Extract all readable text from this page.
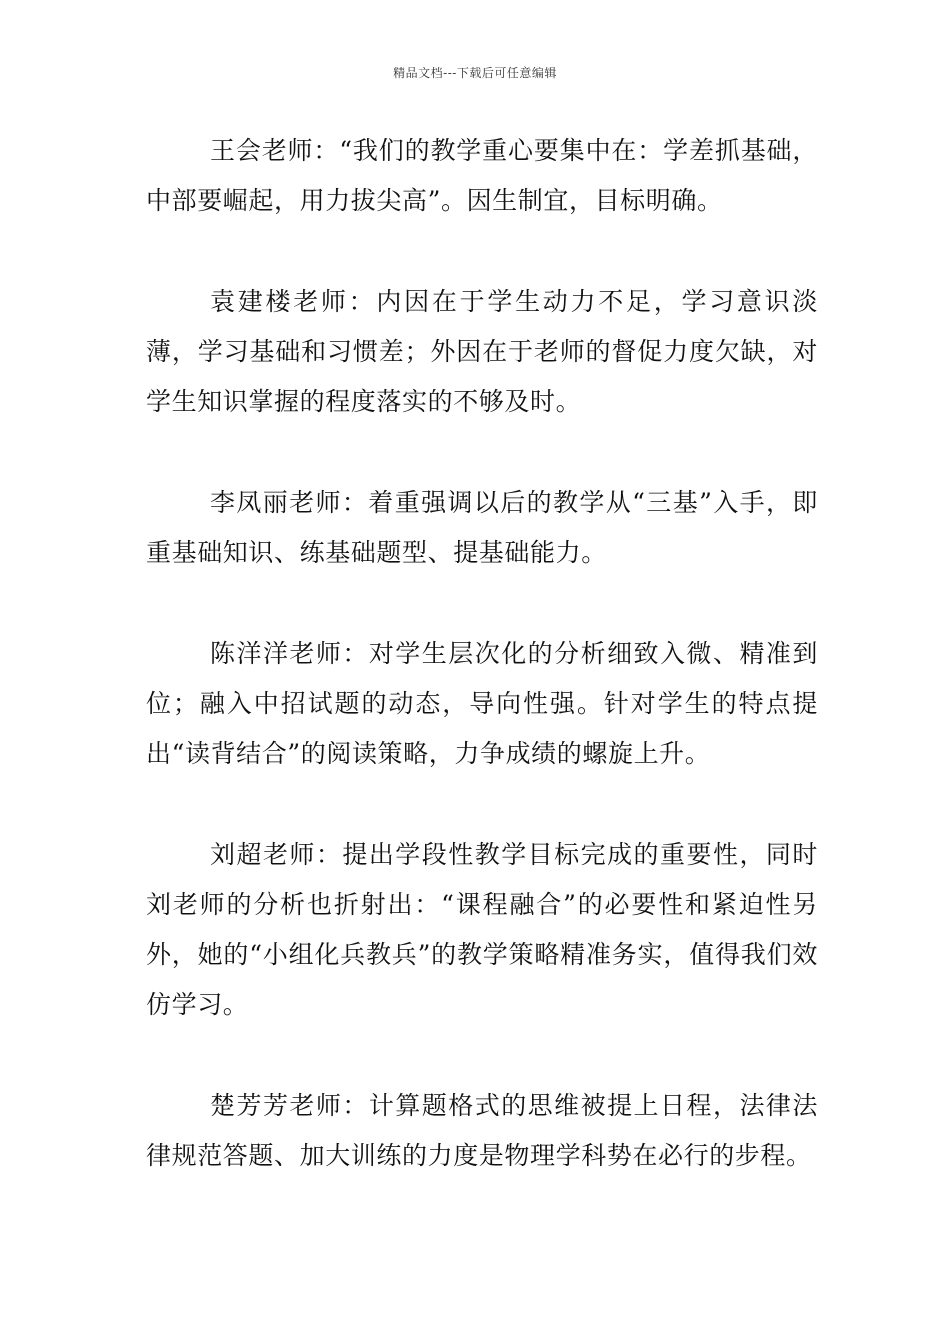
精品文档---下载后可任意编辑

王会老师：“我们的教学重心要集中在：学差抓基础，中部要崛起，用力拔尖高”。因生制宜，目标明确。

袁建楼老师：内因在于学生动力不足，学习意识淡薄，学习基础和习惯差；外因在于老师的督促力度欠缺，对学生知识掌握的程度落实的不够及时。

李凤丽老师：着重强调以后的教学从“三基”入手，即重基础知识、练基础题型、提基础能力。

陈洋洋老师：对学生层次化的分析细致入微、精准到位；融入中招试题的动态，导向性强。针对学生的特点提出“读背结合”的阅读策略，力争成绩的螺旋上升。

刘超老师：提出学段性教学目标完成的重要性，同时刘老师的分析也折射出：“课程融合”的必要性和紧迫性另外，她的“小组化兵教兵”的教学策略精准务实，值得我们效仿学习。

楚芳芳老师：计算题格式的思维被提上日程，法律法律规范答题、加大训练的力度是物理学科势在必行的步程。
